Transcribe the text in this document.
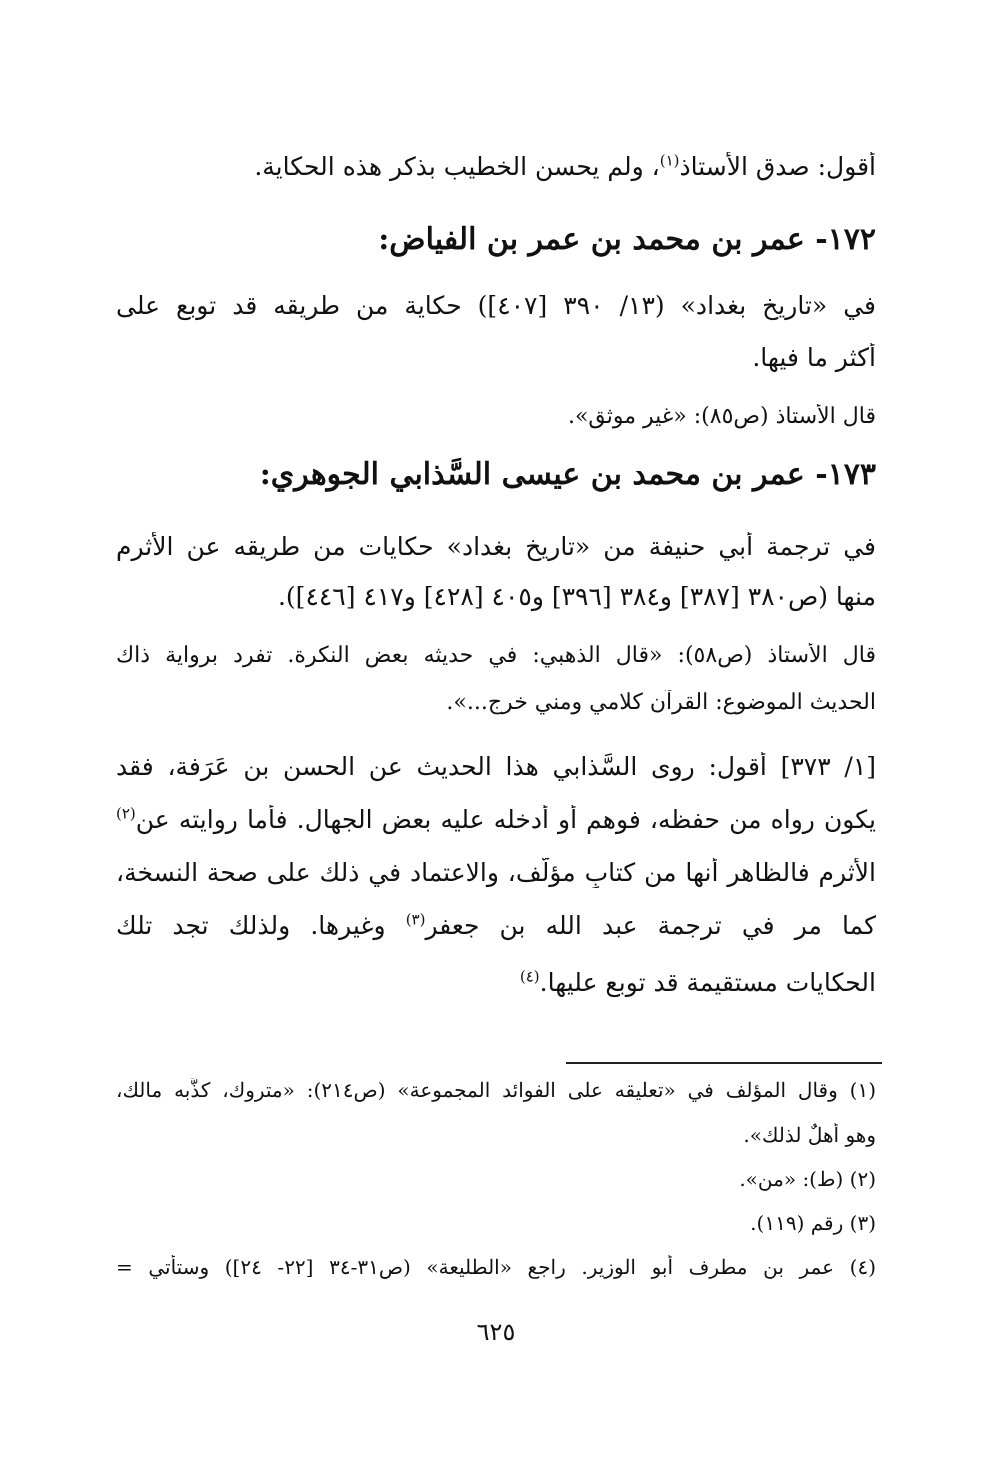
أقول: صدق الأستاذ$^{(١)}$، ولم يحسن الخطيب بذكر هذه الحكاية.
١٧٢- عمر بن محمد بن عمر بن الفياض:
في «تاريخ بغداد» (١٣/ ٣٩٠ [٤٠٧]) حكاية من طريقه قد توبع على
أكثر ما فيها.
قال الأستاذ (ص٨٥): «غير موثق».
١٧٣- عمر بن محمد بن عيسى السَّذابي الجوهري:
في ترجمة أبي حنيفة من «تاريخ بغداد» حكايات من طريقه عن الأثرم
منها (ص٣٨٠ [٣٨٧] و٣٨٤ [٣٩٦] و٤٠٥ [٤٢٨] و٤١٧ [٤٤٦]).
قال الأستاذ (ص٥٨): «قال الذهبي: في حديثه بعض النكرة. تفرد برواية ذاك
الحديث الموضوع: القرآن كلامي ومني خرج...».
[١/ ٣٧٣] أقول: روى السَّذابي هذا الحديث عن الحسن بن عَرَفة، فقد
يكون رواه من حفظه، فوهم أو أدخله عليه بعض الجهال. فأما روايته عن$^{(٢)}$
الأثرم فالظاهر أنها من كتابٍ مؤلَّف، والاعتماد في ذلك على صحة النسخة،
كما مر في ترجمة عبد الله بن جعفر$^{(٣)}$ وغيرها. ولذلك تجد تلك
الحكايات مستقيمة قد توبع عليها.$^{(٤)}$
(١) وقال المؤلف في «تعليقه على الفوائد المجموعة» (ص٢١٤): «متروك، كذَّبه مالك،
وهو أهلٌ لذلك».
(٢) (ط): «من».
(٣) رقم (١١٩).
(٤) عمر بن مطرف أبو الوزير. راجع «الطليعة» (ص٣١-٣٤ [٢٢- ٢٤]) وستأتي =
٦٢٥
